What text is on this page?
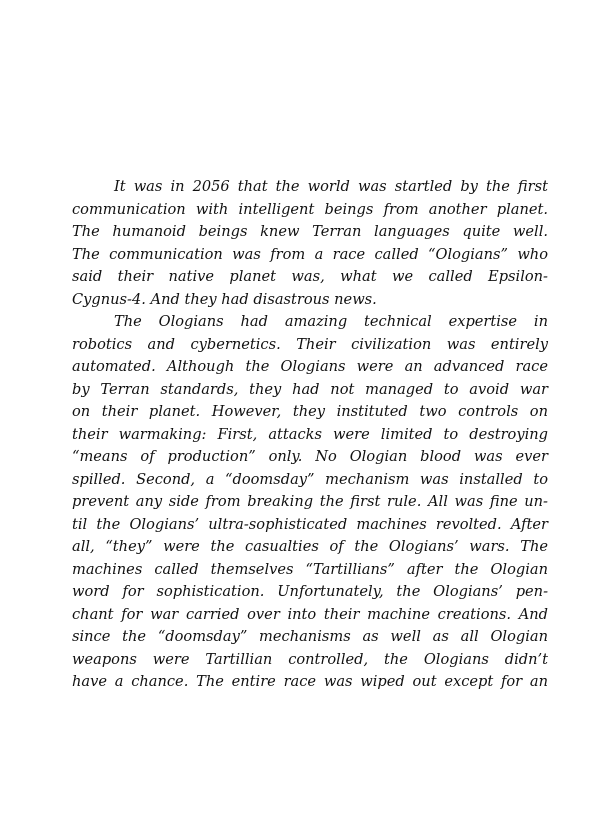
It was in 2056 that the world was startled by the first
communication with intelligent beings from another planet.
The humanoid beings knew Terran languages quite well.
The communication was from a race called “Ologians” who
said their native planet was, what we called Epsilon-
Cygnus-4. And they had disastrous news.
The Ologians had amazing technical expertise in
robotics and cybernetics. Their civilization was entirely
automated. Although the Ologians were an advanced race
by Terran standards, they had not managed to avoid war
on their planet. However, they instituted two controls on
their warmaking: First, attacks were limited to destroying
“means of production” only. No Ologian blood was ever
spilled. Second, a “doomsday” mechanism was installed to
prevent any side from breaking the first rule. All was fine un-
til the Ologians’ ultra-sophisticated machines revolted. After
all, “they” were the casualties of the Ologians’ wars. The
machines called themselves “Tartillians” after the Ologian
word for sophistication. Unfortunately, the Ologians’ pen-
chant for war carried over into their machine creations. And
since the “doomsday” mechanisms as well as all Ologian
weapons were Tartillian controlled, the Ologians didn’t
have a chance. The entire race was wiped out except for an
